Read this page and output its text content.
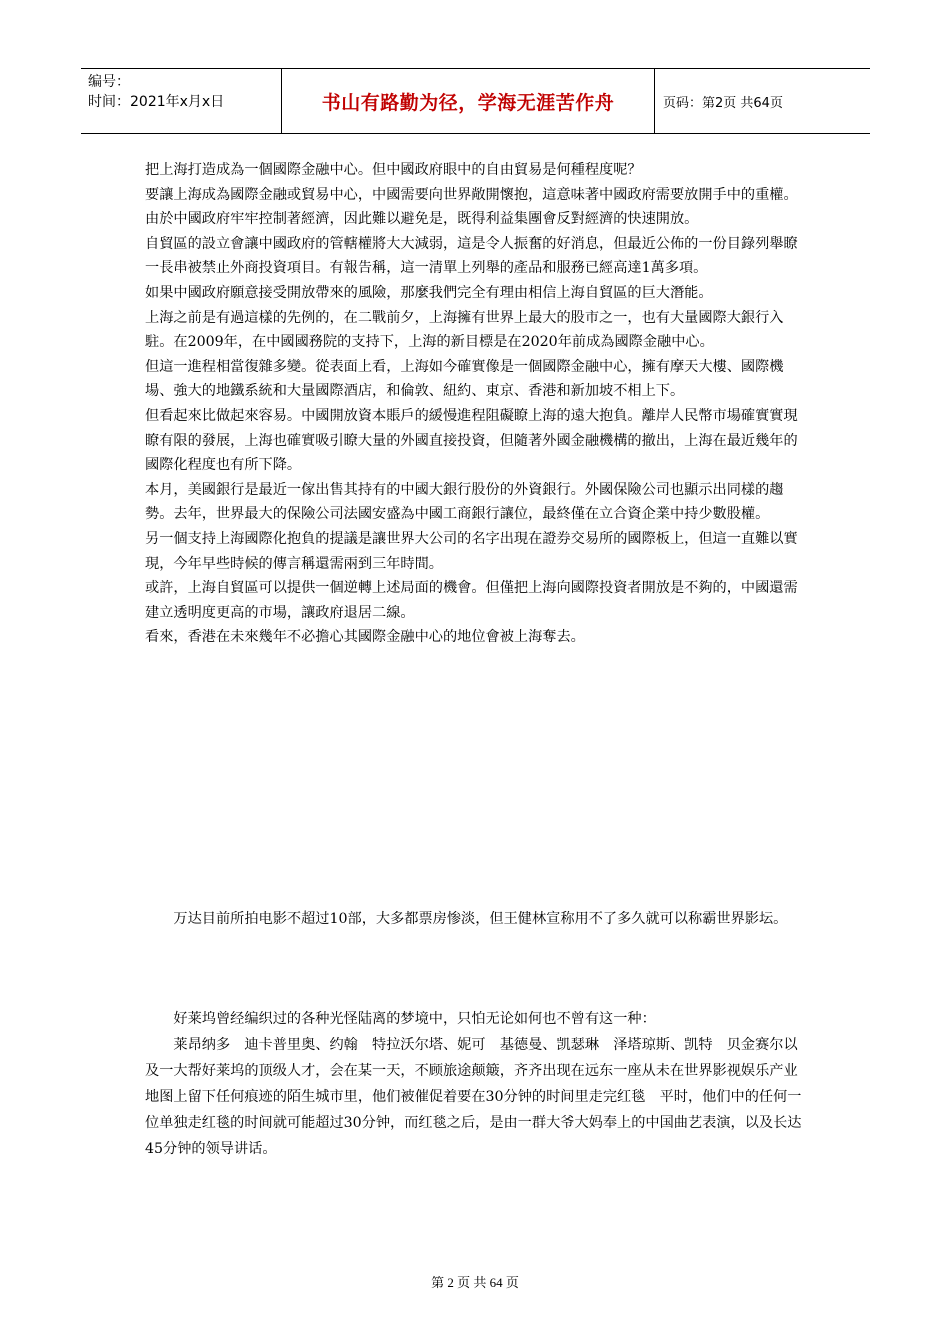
编号：
时间：2021年x月x日	书山有路勤为径，学海无涯苦作舟	页码：第2页 共64页

把上海打造成為一個國際金融中心。但中國政府眼中的自由貿易是何種程度呢？

要讓上海成為國際金融或貿易中心，中國需要向世界敞開懷抱，這意味著中國政府需要放開手中的重權。由於中國政府牢牢控制著經濟，因此難以避免是，既得利益集團會反對經濟的快速開放。

自貿區的設立會讓中國政府的管轄權將大大減弱，這是令人振奮的好消息，但最近公佈的一份目錄列舉瞭一長串被禁止外商投資項目。有報告稱，這一清單上列舉的產品和服務已經高達1萬多項。

如果中國政府願意接受開放帶來的風險，那麼我們完全有理由相信上海自貿區的巨大潛能。

上海之前是有過這樣的先例的，在二戰前夕，上海擁有世界上最大的股市之一，也有大量國際大銀行入駐。在2009年，在中國國務院的支持下，上海的新目標是在2020年前成為國際金融中心。

但這一進程相當復雜多變。從表面上看，上海如今確實像是一個國際金融中心，擁有摩天大樓、國際機場、強大的地鐵系統和大量國際酒店，和倫敦、紐約、東京、香港和新加坡不相上下。

但看起來比做起來容易。中國開放資本賬戶的緩慢進程阻礙瞭上海的遠大抱負。離岸人民幣市場確實實現瞭有限的發展，上海也確實吸引瞭大量的外國直接投資，但隨著外國金融機構的撤出，上海在最近幾年的國際化程度也有所下降。

本月，美國銀行是最近一傢出售其持有的中國大銀行股份的外資銀行。外國保險公司也顯示出同樣的趨勢。去年，世界最大的保險公司法國安盛為中國工商銀行讓位，最終僅在立合資企業中持少數股權。

另一個支持上海國際化抱負的提議是讓世界大公司的名字出現在證券交易所的國際板上，但這一直難以實現，今年早些時候的傳言稱還需兩到三年時間。

或許，上海自貿區可以提供一個逆轉上述局面的機會。但僅把上海向國際投資者開放是不夠的，中國還需建立透明度更高的市場，讓政府退居二線。

看來，香港在未來幾年不必擔心其國際金融中心的地位會被上海奪去。

万达目前所拍电影不超过10部，大多都票房惨淡，但王健林宣称用不了多久就可以称霸世界影坛。

好莱坞曾经编织过的各种光怪陆离的梦境中，只怕无论如何也不曾有这一种：

莱昂纳多　迪卡普里奥、约翰　特拉沃尔塔、妮可　基德曼、凯瑟琳　泽塔琼斯、凯特　贝金赛尔以及一大帮好莱坞的顶级人才，会在某一天，不顾旅途颠簸，齐齐出现在远东一座从未在世界影视娱乐产业地图上留下任何痕迹的陌生城市里，他们被催促着要在30分钟的时间里走完红毯　平时，他们中的任何一位单独走红毯的时间就可能超过30分钟，而红毯之后，是由一群大爷大妈奉上的中国曲艺表演，以及长达45分钟的领导讲话。

第 2 页 共 64 页
